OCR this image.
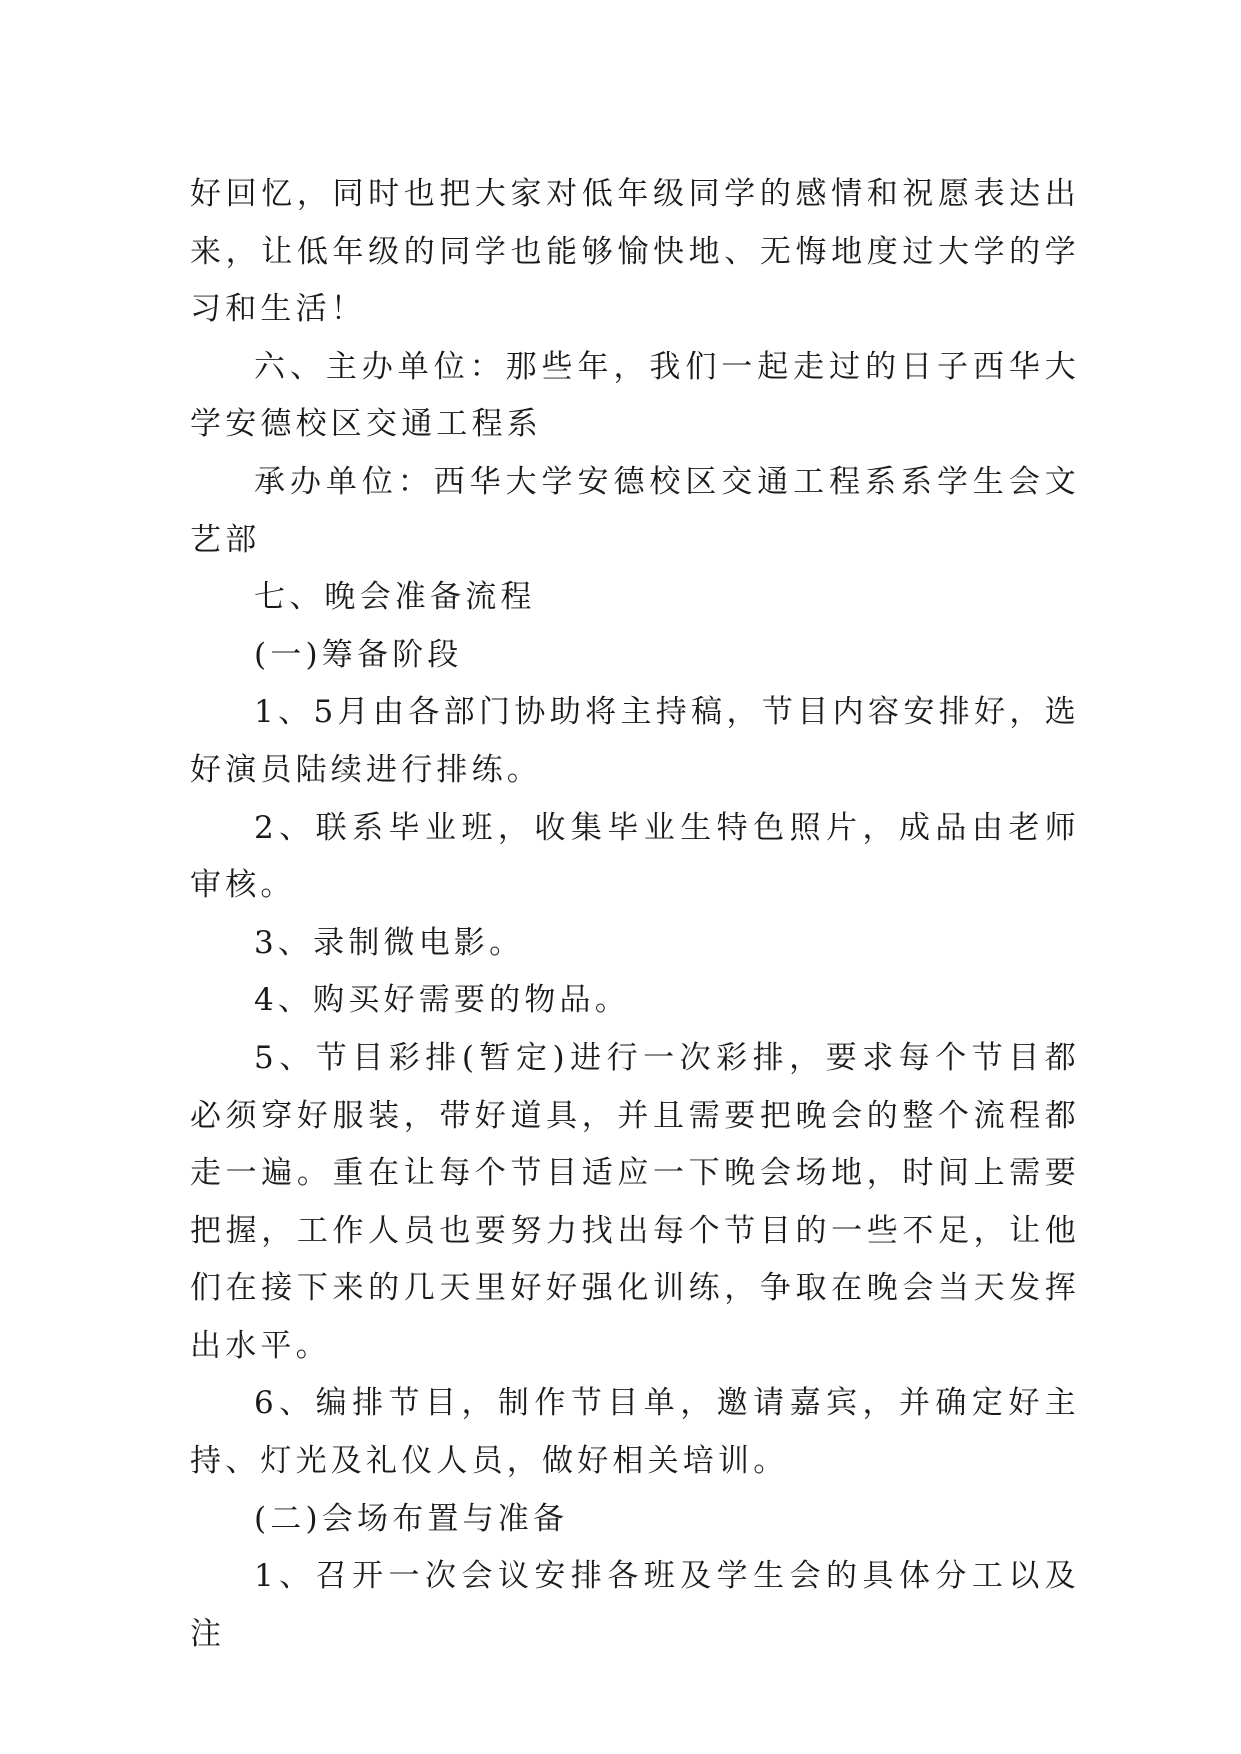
好回忆，同时也把大家对低年级同学的感情和祝愿表达出来，让低年级的同学也能够愉快地、无悔地度过大学的学习和生活！

六、主办单位：那些年，我们一起走过的日子西华大学安德校区交通工程系

承办单位：西华大学安德校区交通工程系系学生会文艺部

七、晚会准备流程

(一)筹备阶段

1、5月由各部门协助将主持稿，节目内容安排好，选好演员陆续进行排练。

2、联系毕业班，收集毕业生特色照片，成品由老师审核。

3、录制微电影。

4、购买好需要的物品。

5、节目彩排(暂定)进行一次彩排，要求每个节目都必须穿好服装，带好道具，并且需要把晚会的整个流程都走一遍。重在让每个节目适应一下晚会场地，时间上需要把握，工作人员也要努力找出每个节目的一些不足，让他们在接下来的几天里好好强化训练，争取在晚会当天发挥出水平。

6、编排节目，制作节目单，邀请嘉宾，并确定好主持、灯光及礼仪人员，做好相关培训。

(二)会场布置与准备

1、召开一次会议安排各班及学生会的具体分工以及注
